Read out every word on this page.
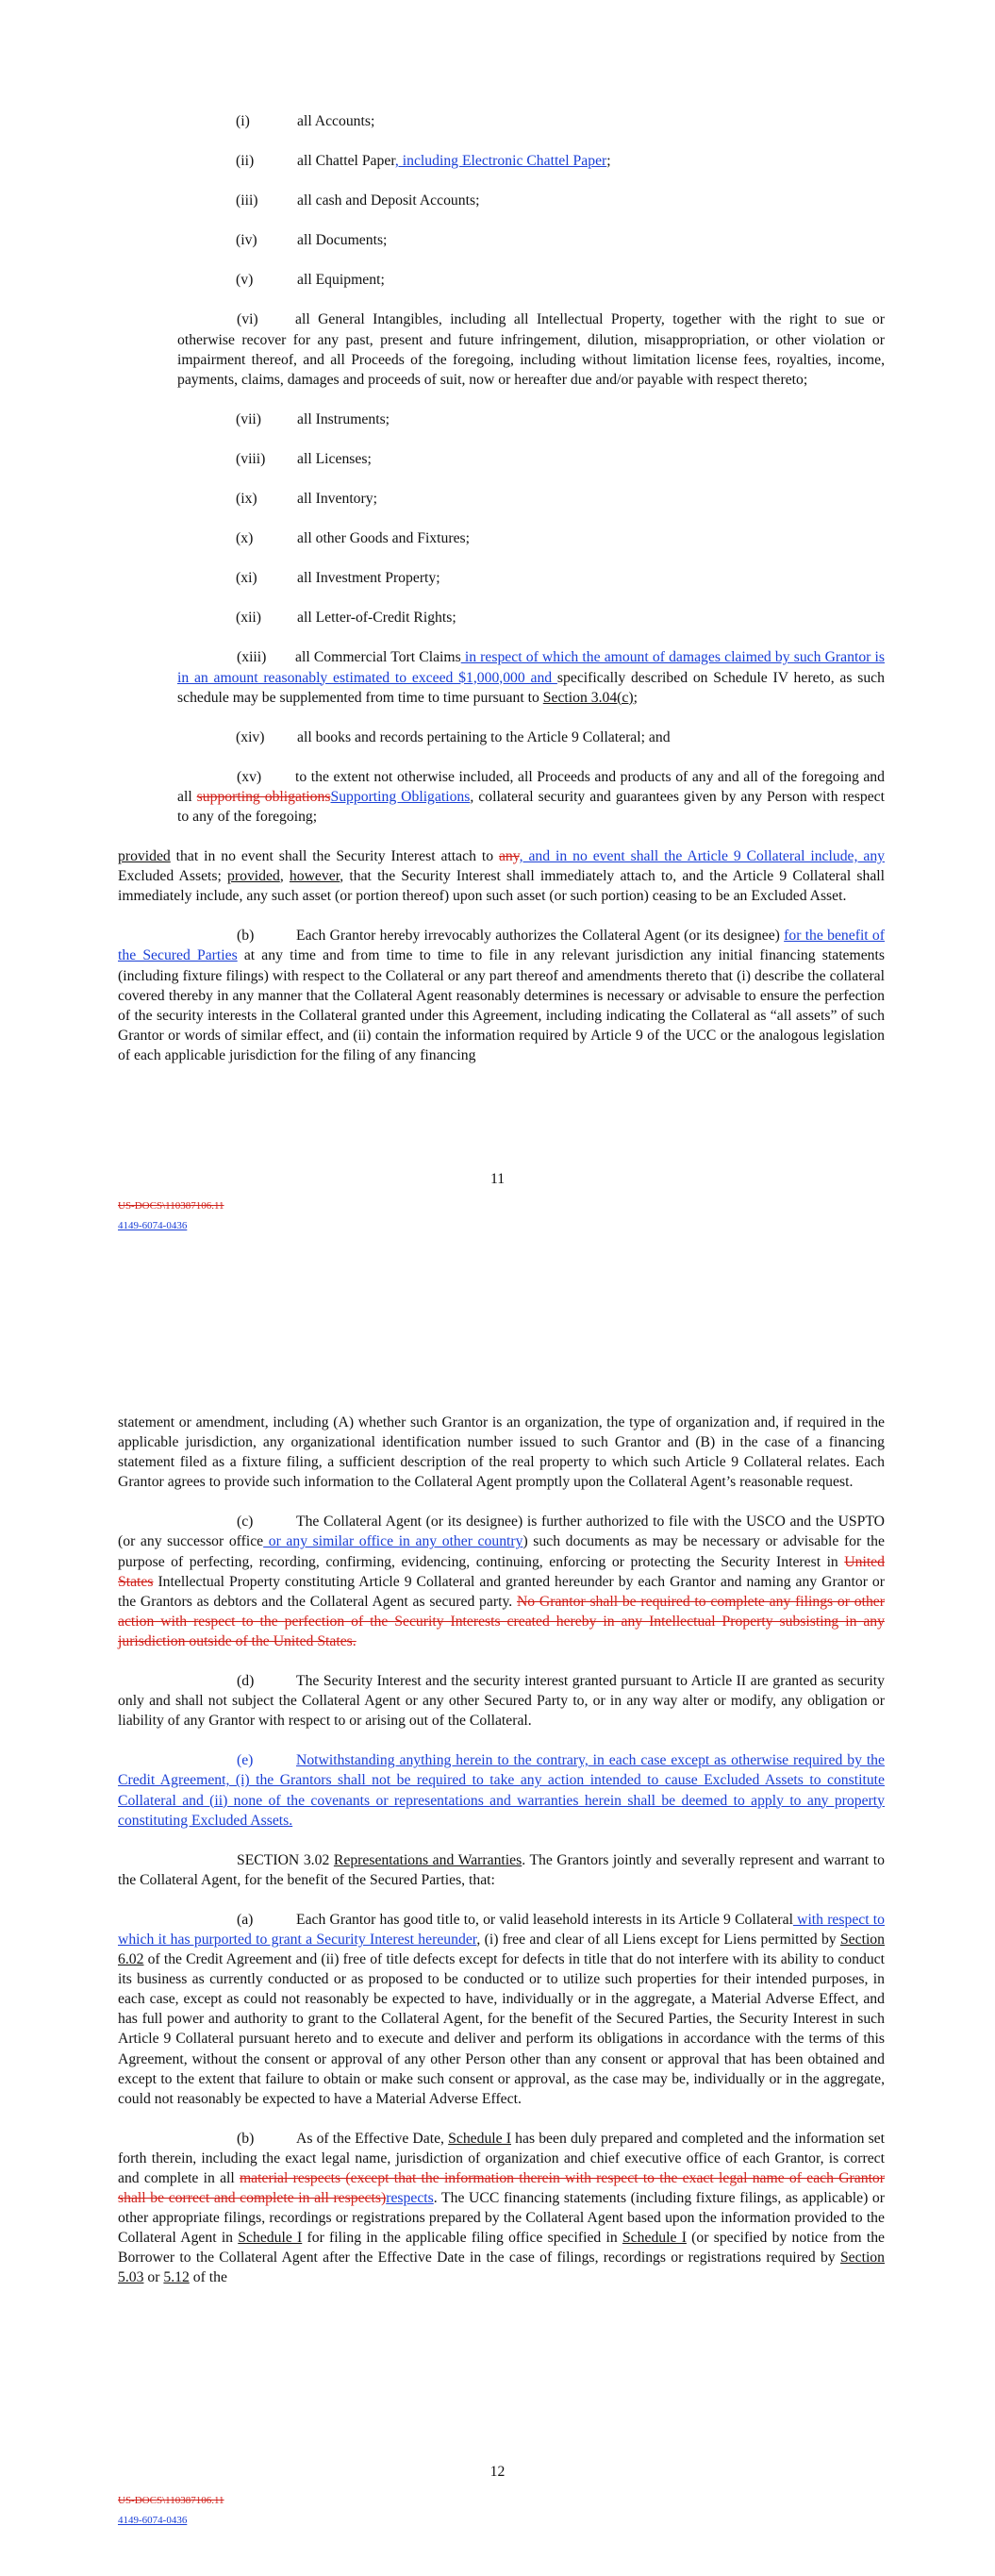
(i)	all Accounts;
(ii)	all Chattel Paper, including Electronic Chattel Paper;
(iii)	all cash and Deposit Accounts;
(iv)	all Documents;
(v)	all Equipment;

(vi)	all General Intangibles, including all Intellectual Property, together with the right to sue or otherwise recover for any past, present and future infringement, dilution, misappropriation, or other violation or impairment thereof, and all Proceeds of the foregoing, including without limitation license fees, royalties, income, payments, claims, damages and proceeds of suit, now or hereafter due and/or payable with respect thereto;

(vii)	all Instruments;
(viii)	all Licenses;
(ix)	all Inventory;
(x)	all other Goods and Fixtures;
(xi)	all Investment Property;
(xii)	all Letter-of-Credit Rights;

(xiii) all Commercial Tort Claims in respect of which the amount of damages claimed by such Grantor is in an amount reasonably estimated to exceed $1,000,000 and specifically described on Schedule IV hereto, as such schedule may be supplemented from time to time pursuant to Section 3.04(c);

(xiv)	all books and records pertaining to the Article 9 Collateral; and

(xv) to the extent not otherwise included, all Proceeds and products of any and all of the foregoing and all supporting obligationsSupporting Obligations, collateral security and guarantees given by any Person with respect to any of the foregoing;

provided that in no event shall the Security Interest attach to any, and in no event shall the Article 9 Collateral include, any Excluded Assets; provided, however, that the Security Interest shall immediately attach to, and the Article 9 Collateral shall immediately include, any such asset (or portion thereof) upon such asset (or such portion) ceasing to be an Excluded Asset.

(b)	Each Grantor hereby irrevocably authorizes the Collateral Agent (or its designee) for the benefit of the Secured Parties at any time and from time to time to file in any relevant jurisdiction any initial financing statements (including fixture filings) with respect to the Collateral or any part thereof and amendments thereto that (i) describe the collateral covered thereby in any manner that the Collateral Agent reasonably determines is necessary or advisable to ensure the perfection of the security interests in the Collateral granted under this Agreement, including indicating the Collateral as “all assets” of such Grantor or words of similar effect, and (ii) contain the information required by Article 9 of the UCC or the analogous legislation of each applicable jurisdiction for the filing of any financing

11
US-DOCS\110387106.11
4149-6074-0436

statement or amendment, including (A) whether such Grantor is an organization, the type of organization and, if required in the applicable jurisdiction, any organizational identification number issued to such Grantor and (B) in the case of a financing statement filed as a fixture filing, a sufficient description of the real property to which such Article 9 Collateral relates. Each Grantor agrees to provide such information to the Collateral Agent promptly upon the Collateral Agent’s reasonable request.

(c)	The Collateral Agent (or its designee) is further authorized to file with the USCO and the USPTO (or any successor office or any similar office in any other country) such documents as may be necessary or advisable for the purpose of perfecting, recording, confirming, evidencing, continuing, enforcing or protecting the Security Interest in United States Intellectual Property constituting Article 9 Collateral and granted hereunder by each Grantor and naming any Grantor or the Grantors as debtors and the Collateral Agent as secured party. No Grantor shall be required to complete any filings or other action with respect to the perfection of the Security Interests created hereby in any Intellectual Property subsisting in any jurisdiction outside of the United States.

(d)	The Security Interest and the security interest granted pursuant to Article II are granted as security only and shall not subject the Collateral Agent or any other Secured Party to, or in any way alter or modify, any obligation or liability of any Grantor with respect to or arising out of the Collateral.

(e)	Notwithstanding anything herein to the contrary, in each case except as otherwise required by the Credit Agreement, (i) the Grantors shall not be required to take any action intended to cause Excluded Assets to constitute Collateral and (ii) none of the covenants or representations and warranties herein shall be deemed to apply to any property constituting Excluded Assets.

SECTION 3.02 Representations and Warranties. The Grantors jointly and severally represent and warrant to the Collateral Agent, for the benefit of the Secured Parties, that:

(a)	Each Grantor has good title to, or valid leasehold interests in its Article 9 Collateral with respect to which it has purported to grant a Security Interest hereunder, (i) free and clear of all Liens except for Liens permitted by Section 6.02 of the Credit Agreement and (ii) free of title defects except for defects in title that do not interfere with its ability to conduct its business as currently conducted or as proposed to be conducted or to utilize such properties for their intended purposes, in each case, except as could not reasonably be expected to have, individually or in the aggregate, a Material Adverse Effect, and has full power and authority to grant to the Collateral Agent, for the benefit of the Secured Parties, the Security Interest in such Article 9 Collateral pursuant hereto and to execute and deliver and perform its obligations in accordance with the terms of this Agreement, without the consent or approval of any other Person other than any consent or approval that has been obtained and except to the extent that failure to obtain or make such consent or approval, as the case may be, individually or in the aggregate, could not reasonably be expected to have a Material Adverse Effect.

(b)	As of the Effective Date, Schedule I has been duly prepared and completed and the information set forth therein, including the exact legal name, jurisdiction of organization and chief executive office of each Grantor, is correct and complete in all material respects (except that the information therein with respect to the exact legal name of each Grantor shall be correct and complete in all respects)respects. The UCC financing statements (including fixture filings, as applicable) or other appropriate filings, recordings or registrations prepared by the Collateral Agent based upon the information provided to the Collateral Agent in Schedule I for filing in the applicable filing office specified in Schedule I (or specified by notice from the Borrower to the Collateral Agent after the Effective Date in the case of filings, recordings or registrations required by Section 5.03 or 5.12 of the

12
US-DOCS\110387106.11
4149-6074-0436
